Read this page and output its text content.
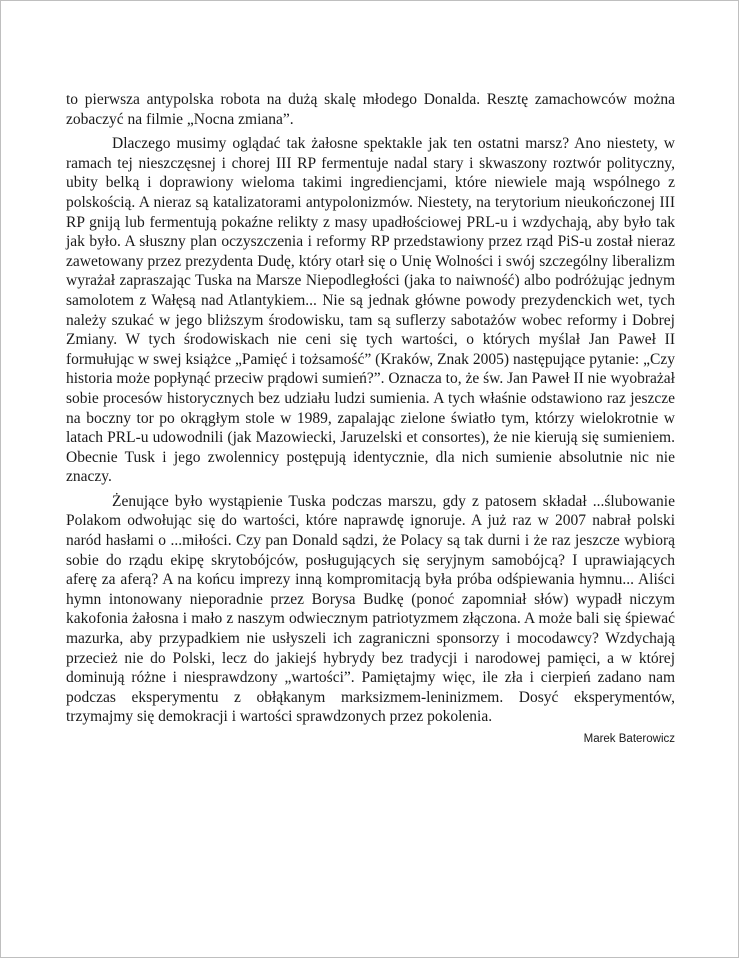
to pierwsza antypolska robota na dużą skalę młodego Donalda. Resztę zamachowców można zobaczyć na filmie „Nocna zmiana”.

Dlaczego musimy oglądać tak żałosne spektakle jak ten ostatni marsz? Ano niestety, w ramach tej nieszczęsnej i chorej III RP fermentuje nadal stary i skwaszony roztwór polityczny, ubity belką i doprawiony wieloma takimi ingrediencjami, które niewiele mają wspólnego z polskością. A nieraz są katalizatorami antypolonizmów. Niestety, na terytorium nieukończonej III RP gniją lub fermentują pokaźne relikty z masy upadłościowej PRL-u i wzdychają, aby było tak jak było. A słuszny plan oczyszczenia i reformy RP przedstawiony przez rząd PiS-u został nieraz zawetowany przez prezydenta Dudę, który otarł się o Unię Wolności i swój szczególny liberalizm wyrażał zapraszając Tuska na Marsze Niepodległości (jaka to naiwność) albo podróżując jednym samolotem z Wałęsą nad Atlantykiem... Nie są jednak główne powody prezydenckich wet, tych należy szukać w jego bliższym środowisku, tam są suflerzy sabotażów wobec reformy i Dobrej Zmiany. W tych środowiskach nie ceni się tych wartości, o których myślał Jan Paweł II formułując w swej książce „Pamięć i tożsamość” (Kraków, Znak 2005) następujące pytanie: „Czy historia może popłynąć przeciw prądowi sumień?”. Oznacza to, że św. Jan Paweł II nie wyobrażał sobie procesów historycznych bez udziału ludzi sumienia. A tych właśnie odstawiono raz jeszcze na boczny tor po okrągłym stole w 1989, zapalając zielone światło tym, którzy wielokrotnie w latach PRL-u udowodnili (jak Mazowiecki, Jaruzelski et consortes), że nie kierują się sumieniem. Obecnie Tusk i jego zwolennicy postępują identycznie, dla nich sumienie absolutnie nic nie znaczy.

Żenujące było wystąpienie Tuska podczas marszu, gdy z patosem składał ...ślubowanie Polakom odwołując się do wartości, które naprawdę ignoruje. A już raz w 2007 nabrał polski naród hasłami o ...miłości. Czy pan Donald sądzi, że Polacy są tak durni i że raz jeszcze wybiorą sobie do rządu ekipę skrytobójców, posługujących się seryjnym samobójcą? I uprawiających aferę za aferą? A na końcu imprezy inną kompromitacją była próba odśpiewania hymnu... Aliści hymn intonowany nieporadnie przez Borysa Budkę (ponoć zapomniał słów) wypadł niczym kakofonia żałosna i mało z naszym odwiecznym patriotyzmem złączona. A może bali się śpiewać mazurka, aby przypadkiem nie usłyszeli ich zagraniczni sponsorzy i mocodawcy? Wzdychają przecież nie do Polski, lecz do jakiejś hybrydy bez tradycji i narodowej pamięci, a w której dominują różne i niesprawdzony „wartości”. Pamiętajmy więc, ile zła i cierpień zadano nam podczas eksperymentu z obłąkanym marksizmem-leninizmem. Dosyć eksperymentów, trzymajmy się demokracji i wartości sprawdzonych przez pokolenia.

Marek Baterowicz
